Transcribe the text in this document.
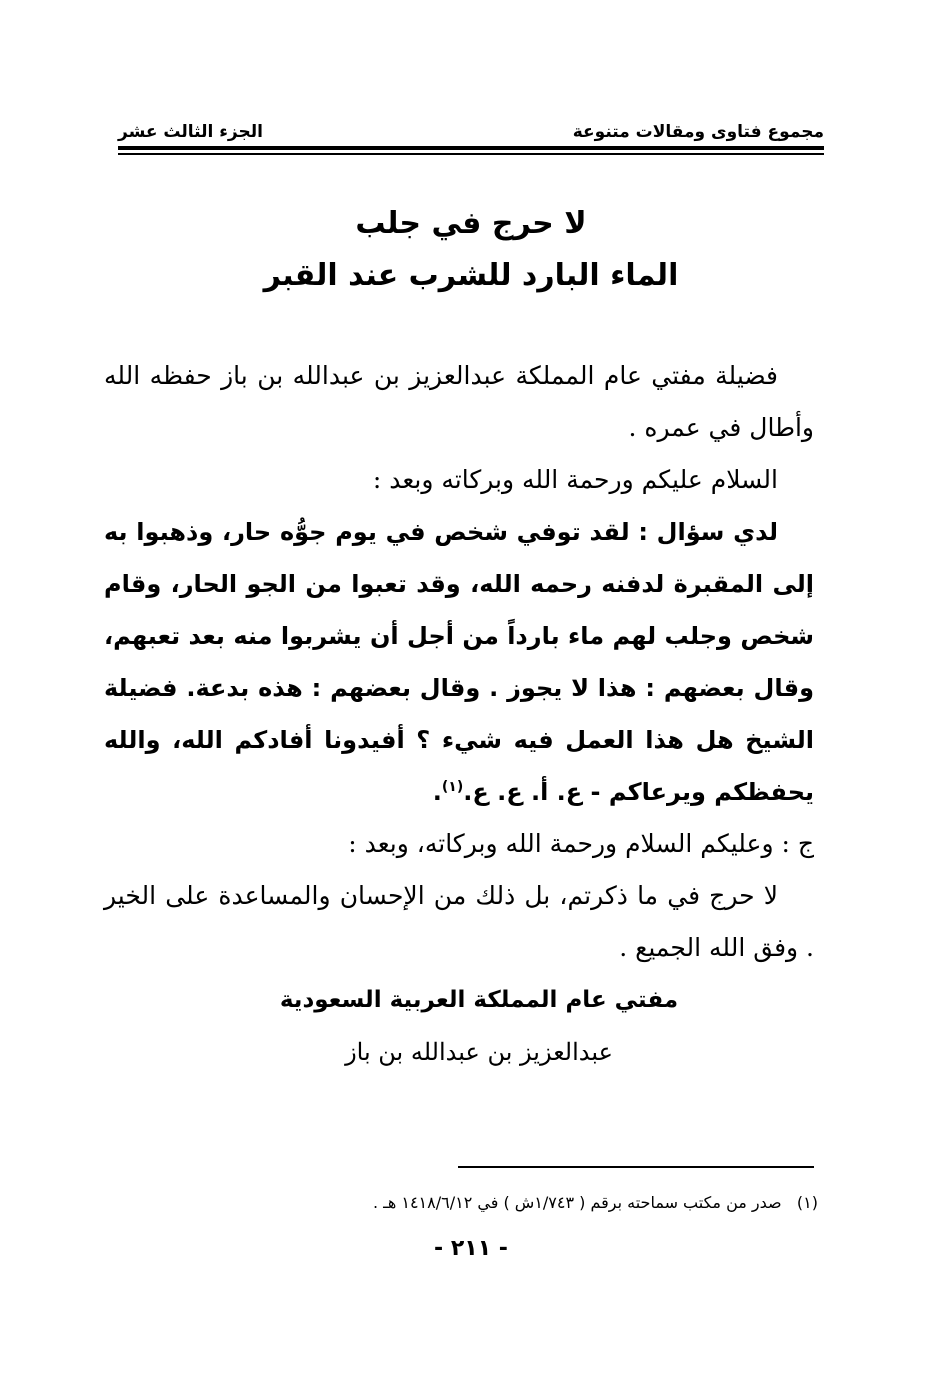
مجموع فتاوى ومقالات متنوعة
الجزء الثالث عشر
لا حرج في جلب
الماء البارد للشرب عند القبر

فضيلة مفتي عام المملكة عبدالعزيز بن عبدالله بن باز حفظه الله وأطال في عمره .

السلام عليكم ورحمة الله وبركاته وبعد :

لدي سؤال : لقد توفي شخص في يوم جوُّه حار، وذهبوا به إلى المقبرة لدفنه رحمه الله، وقد تعبوا من الجو الحار، وقام شخص وجلب لهم ماء بارداً من أجل أن يشربوا منه بعد تعبهم، وقال بعضهم : هذا لا يجوز . وقال بعضهم : هذه بدعة. فضيلة الشيخ هل هذا العمل فيه شيء ؟ أفيدونا أفادكم الله، والله يحفظكم ويرعاكم - ع. أ. ع. ع.$^{(١)}$.

ج : وعليكم السلام ورحمة الله وبركاته، وبعد :

لا حرج في ما ذكرتم، بل ذلك من الإحسان والمساعدة على الخير . وفق الله الجميع .

مفتي عام المملكة العربية السعودية

عبدالعزيز بن عبدالله بن باز

(١)   صدر من مكتب سماحته برقم ( ١/٧٤٣ش ) في ١٤١٨/٦/١٢ هـ .
- ٢١١ -
